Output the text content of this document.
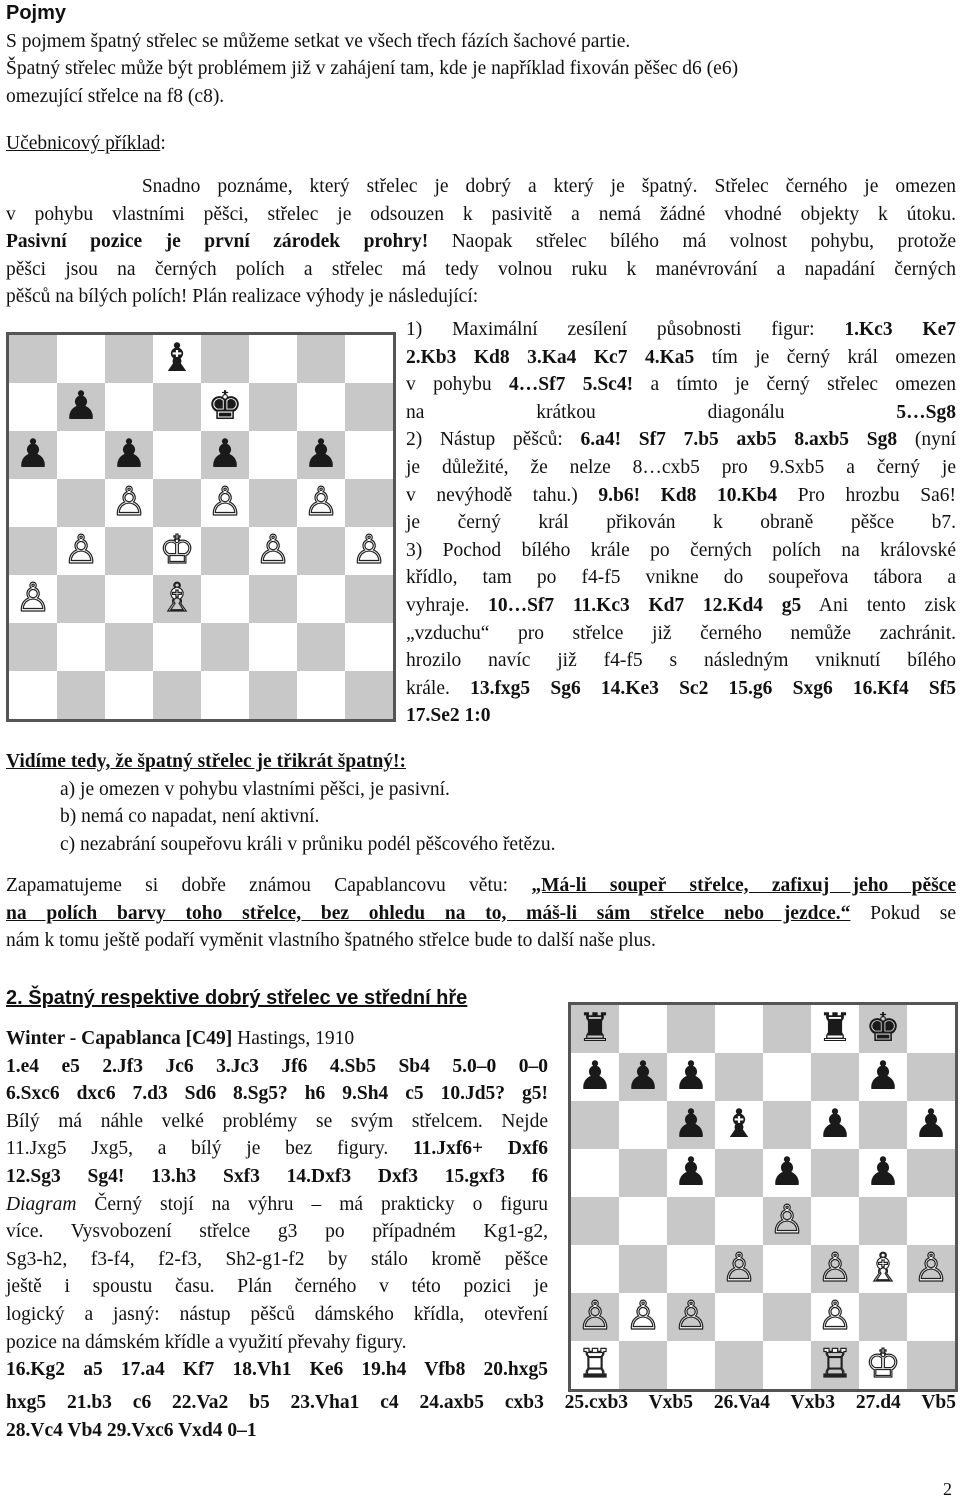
Pojmy
S pojmem špatný střelec se můžeme setkat ve všech třech fázích šachové partie.
Špatný střelec může být problémem již v zahájení tam, kde je například fixován pěšec d6 (e6)
omezující střelce na f8 (c8).
Učebnicový příklad:
Snadno poznáme, který střelec je dobrý a který je špatný. Střelec černého je omezen
v pohybu vlastními pěšci, střelec je odsouzen k pasivitě a nemá žádné vhodné objekty k útoku.
Pasivní pozice je první zárodek prohry! Naopak střelec bílého má volnost pohybu, protože
pěšci jsou na černých polích a střelec má tedy volnou ruku k manévrování a napadání černých
pěšců na bílých polích! Plán realizace výhody je následující:
♝
♟	♚
♟ ♟ ♟ ♟
♙ ♙ ♙
♙ ♔ ♙ ♙
♙	♗
1) Maximální zesílení působnosti figur: 1.Kc3 Ke7
2.Kb3 Kd8 3.Ka4 Kc7 4.Ka5 tím je černý král omezen
v pohybu 4…Sf7 5.Sc4! a tímto je černý střelec omezen
na krátkou diagonálu 5…Sg8
2) Nástup pěšců: 6.a4! Sf7 7.b5 axb5 8.axb5 Sg8 (nyní
je důležité, že nelze 8…cxb5 pro 9.Sxb5 a černý je
v nevýhodě tahu.) 9.b6! Kd8 10.Kb4 Pro hrozbu Sa6!
je černý král přikován k obraně pěšce b7.
3) Pochod bílého krále po černých polích na královské
křídlo, tam po f4-f5 vnikne do soupeřova tábora a
vyhraje. 10…Sf7 11.Kc3 Kd7 12.Kd4 g5 Ani tento zisk
„vzduchu“ pro střelce již černého nemůže zachránit.
hrozilo navíc již f4-f5 s následným vniknutí bílého
krále. 13.fxg5 Sg6 14.Ke3 Sc2 15.g6 Sxg6 16.Kf4 Sf5
17.Se2 1:0
Vidíme tedy, že špatný střelec je třikrát špatný!:
a) je omezen v pohybu vlastními pěšci, je pasivní.
b) nemá co napadat, není aktivní.
c) nezabrání soupeřovu králi v průniku podél pěšcového řetězu.
Zapamatujeme si dobře známou Capablancovu větu: „Má-li soupeř střelce, zafixuj jeho pěšce
na polích barvy toho střelce, bez ohledu na to, máš-li sám střelce nebo jezdce.“ Pokud se
nám k tomu ještě podaří vyměnit vlastního špatného střelce bude to další naše plus.
2. Špatný respektive dobrý střelec ve střední hře
Winter - Capablanca [C49] Hastings, 1910
1.e4 e5 2.Jf3 Jc6 3.Jc3 Jf6 4.Sb5 Sb4 5.0–0 0–0
6.Sxc6 dxc6 7.d3 Sd6 8.Sg5? h6 9.Sh4 c5 10.Jd5? g5!
Bílý má náhle velké problémy se svým střelcem. Nejde
11.Jxg5 Jxg5, a bílý je bez figury. 11.Jxf6+ Dxf6
12.Sg3 Sg4! 13.h3 Sxf3 14.Dxf3 Dxf3 15.gxf3 f6
Diagram Černý stojí na výhru – má prakticky o figuru
více. Vysvobození střelce g3 po případném Kg1-g2,
Sg3-h2, f3-f4, f2-f3, Sh2-g1-f2 by stálo kromě pěšce
ještě i spoustu času. Plán černého v této pozici je
logický a jasný: nástup pěšců dámského křídla, otevření
pozice na dámském křídle a využití převahy figury.
16.Kg2 a5 17.a4 Kf7 18.Vh1 Ke6 19.h4 Vfb8 20.hxg5
♜	♜ ♚
♟ ♟ ♟	♟
♟ ♝ ♟ ♟
♟ ♟ ♟
♙
♙ ♙ ♗ ♙
♙ ♙ ♙	♙
♖	♖ ♔
hxg5 21.b3 c6 22.Va2 b5 23.Vha1 c4 24.axb5 cxb3 25.cxb3 Vxb5 26.Va4 Vxb3 27.d4 Vb5
28.Vc4 Vb4 29.Vxc6 Vxd4 0–1
2
